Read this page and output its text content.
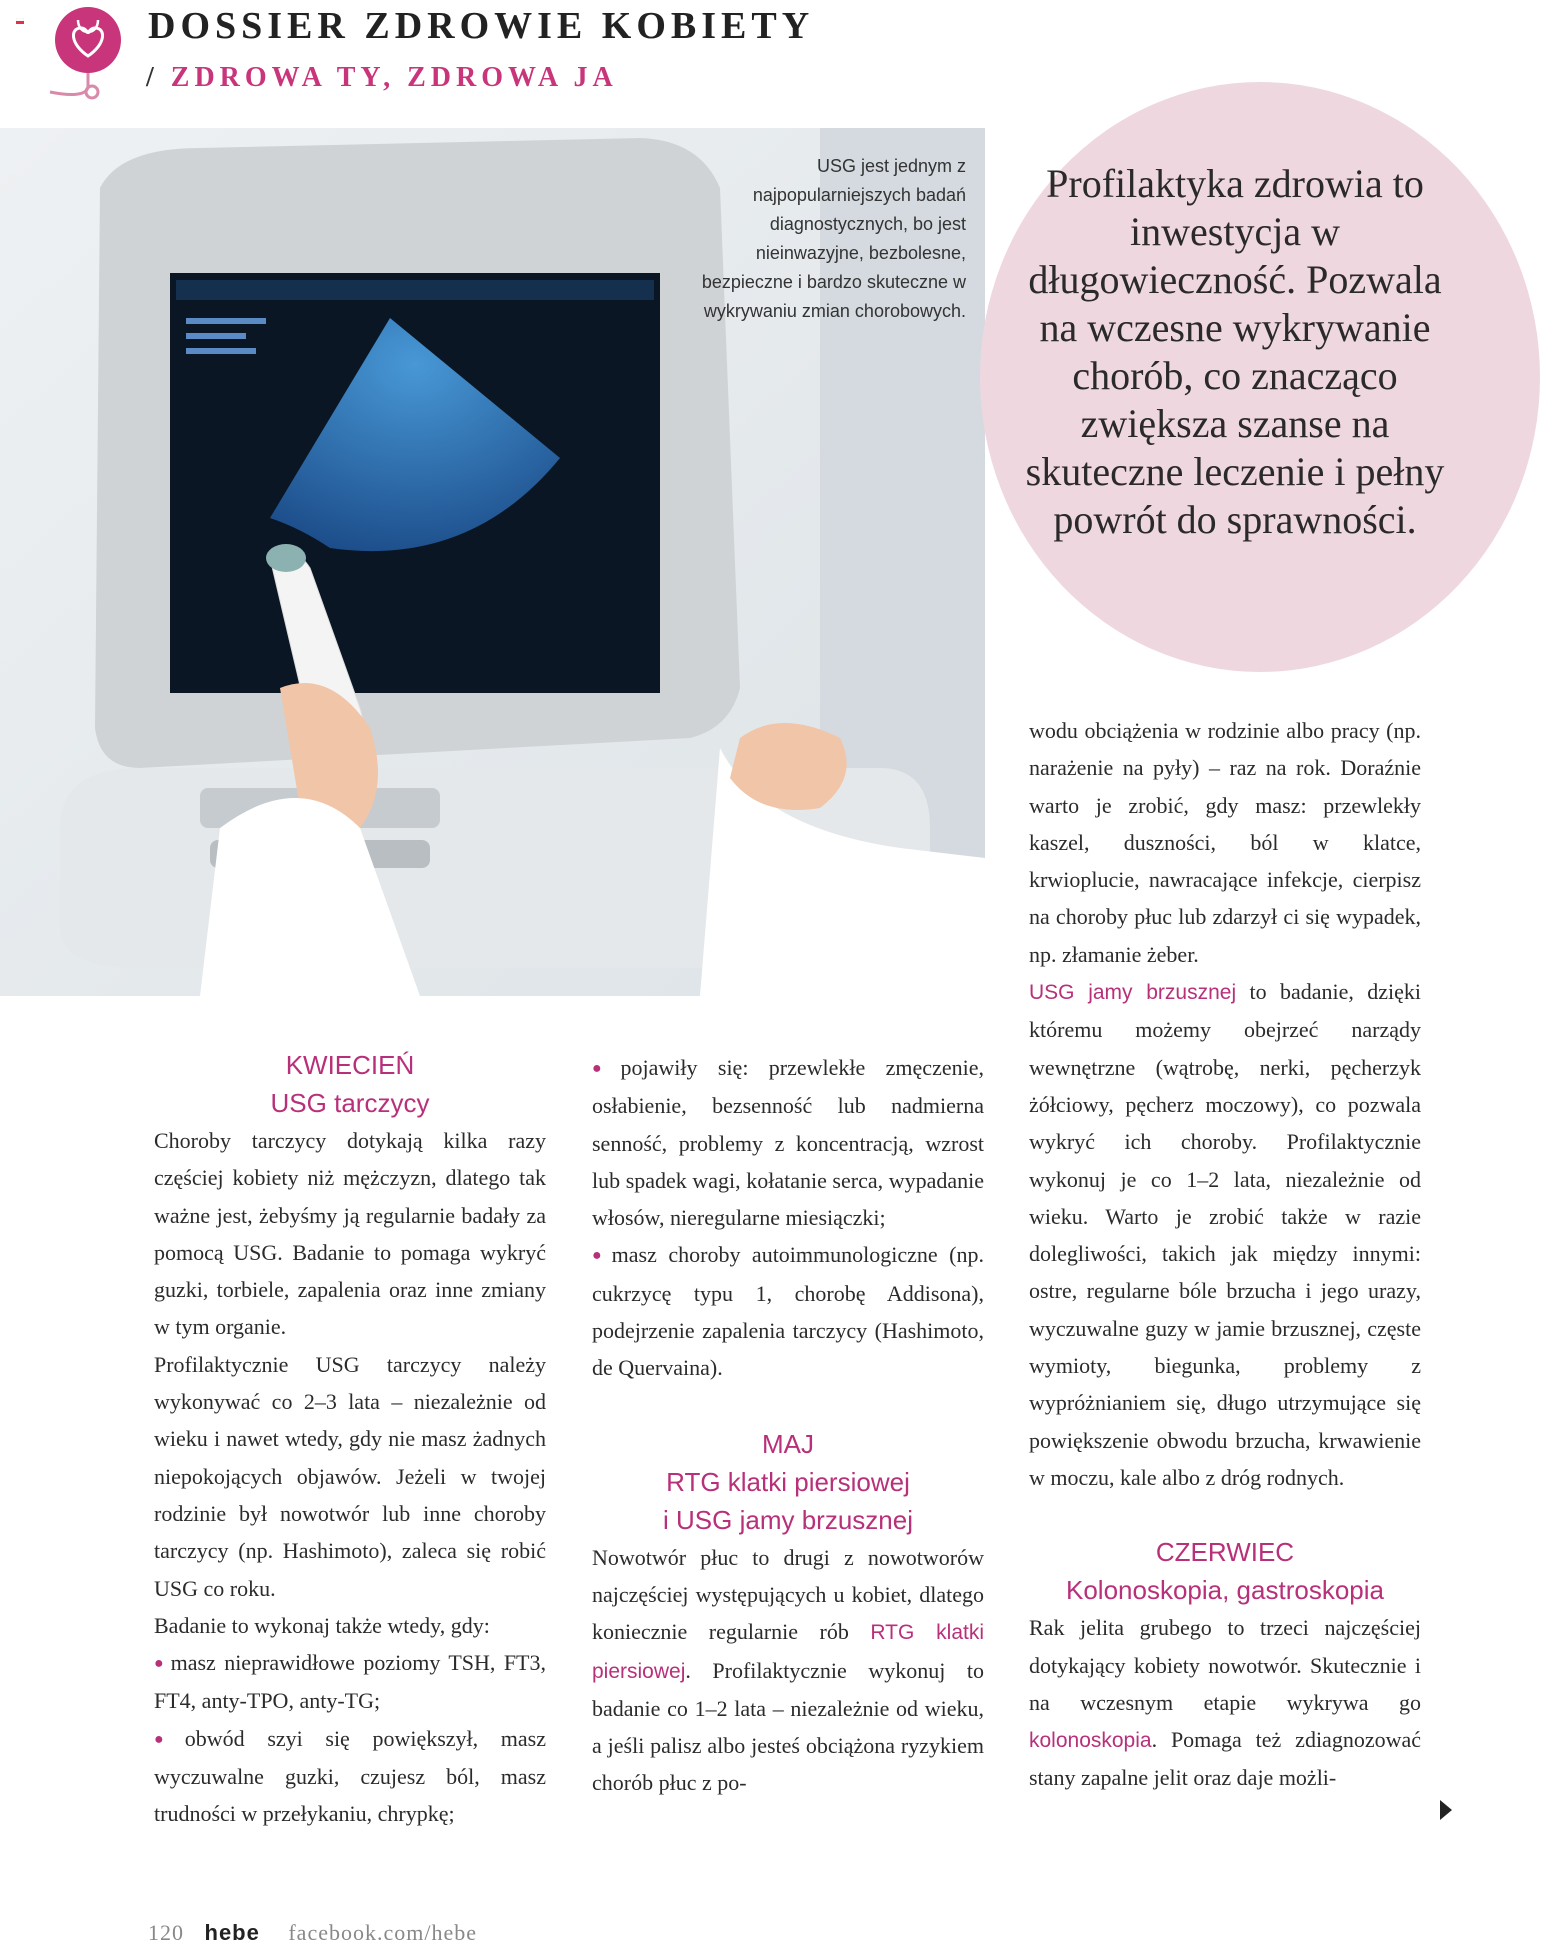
DOSSIER ZDROWIE KOBIETY
/ ZDROWA TY, ZDROWA JA
USG jest jednym z najpopularniejszych badań diagnostycznych, bo jest nieinwazyjne, bezbolesne, bezpieczne i bardzo skuteczne w wykrywaniu zmian chorobowych.
Profilaktyka zdrowia to inwestycja w długowieczność. Pozwala na wczesne wykrywanie chorób, co znacząco zwiększa szanse na skuteczne leczenie i pełny powrót do sprawności.
KWIECIEŃ
USG tarczycy

Choroby tarczycy dotykają kilka razy częściej kobiety niż mężczyzn, dlatego tak ważne jest, żebyśmy ją regularnie badały za pomocą USG. Badanie to pomaga wykryć guzki, torbiele, zapalenia oraz inne zmiany w tym organie.

Profilaktycznie USG tarczycy należy wykonywać co 2–3 lata – niezależnie od wieku i nawet wtedy, gdy nie masz żadnych niepokojących objawów. Jeżeli w twojej rodzinie był nowotwór lub inne choroby tarczycy (np. Hashimoto), zaleca się robić USG co roku.

Badanie to wykonaj także wtedy, gdy:

● masz nieprawidłowe poziomy TSH, FT3, FT4, anty-TPO, anty-TG;

● obwód szyi się powiększył, masz wyczuwalne guzki, czujesz ból, masz trudności w przełykaniu, chrypkę;

● pojawiły się: przewlekłe zmęczenie, osłabienie, bezsenność lub nadmierna senność, problemy z koncentracją, wzrost lub spadek wagi, kołatanie serca, wypadanie włosów, nieregularne miesiączki;

● masz choroby autoimmunologiczne (np. cukrzycę typu 1, chorobę Addisona), podejrzenie zapalenia tarczycy (Hashimoto, de Quervaina).

MAJ
RTG klatki piersiowej
i USG jamy brzusznej

Nowotwór płuc to drugi z nowotworów najczęściej występujących u kobiet, dlatego koniecznie regularnie rób RTG klatki piersiowej. Profilaktycznie wykonuj to badanie co 1–2 lata – niezależnie od wieku, a jeśli palisz albo jesteś obciążona ryzykiem chorób płuc z po-

wodu obciążenia w rodzinie albo pracy (np. narażenie na pyły) – raz na rok. Doraźnie warto je zrobić, gdy masz: przewlekły kaszel, duszności, ból w klatce, krwioplucie, nawracające infekcje, cierpisz na choroby płuc lub zdarzył ci się wypadek, np. złamanie żeber.

USG jamy brzusznej to badanie, dzięki któremu możemy obejrzeć narządy wewnętrzne (wątrobę, nerki, pęcherzyk żółciowy, pęcherz moczowy), co pozwala wykryć ich choroby. Profilaktycznie wykonuj je co 1–2 lata, niezależnie od wieku. Warto je zrobić także w razie dolegliwości, takich jak między innymi: ostre, regularne bóle brzucha i jego urazy, wyczuwalne guzy w jamie brzusznej, częste wymioty, biegunka, problemy z wypróżnianiem się, długo utrzymujące się powiększenie obwodu brzucha, krwawienie w moczu, kale albo z dróg rodnych.

CZERWIEC
Kolonoskopia, gastroskopia

Rak jelita grubego to trzeci najczęściej dotykający kobiety nowotwór. Skutecznie i na wczesnym etapie wykrywa go kolonoskopia. Pomaga też zdiagnozować stany zapalne jelit oraz daje możli-

120 hebe facebook.com/hebe
